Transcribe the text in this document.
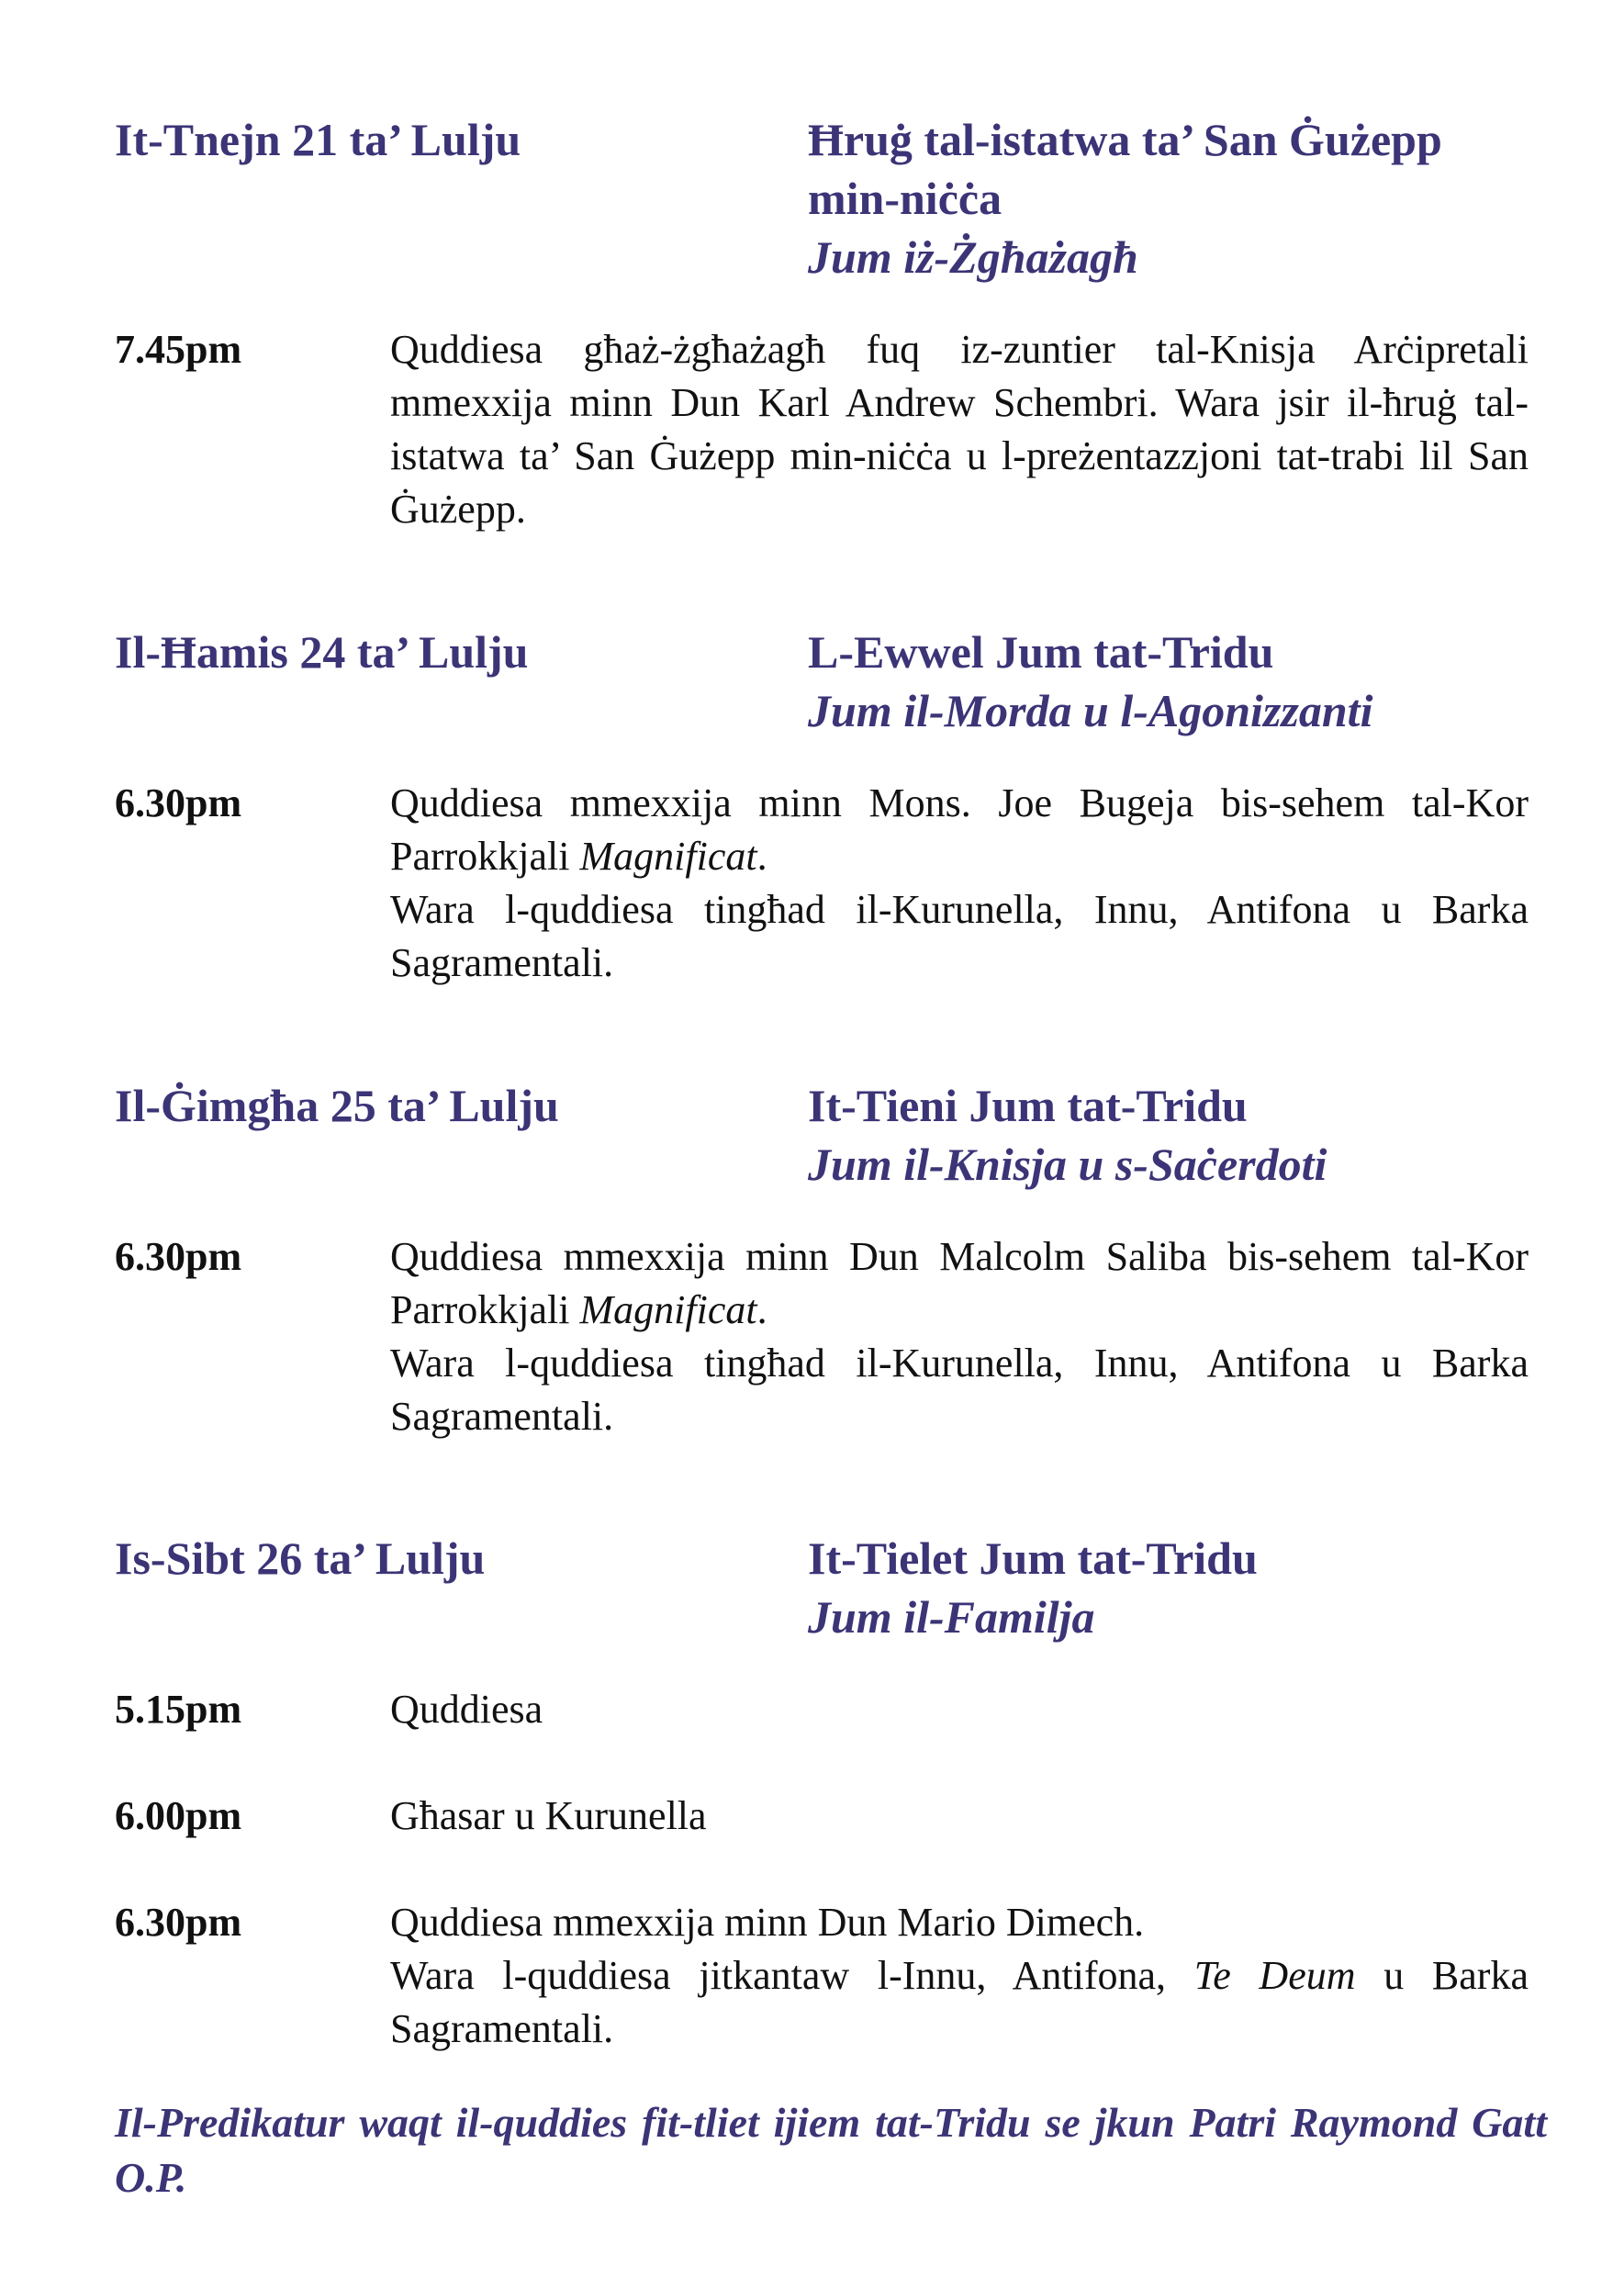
It-Tnejn 21 ta’ Lulju	Ħruġ tal-istatwa ta’ San Ġużepp min-niċċa
Jum iż-Żgħażagħ
7.45pm	Quddiesa għaż-żgħażagħ fuq iz-zuntier tal-Knisja Arċipretali mmexxija minn Dun Karl Andrew Schembri. Wara jsir il-ħruġ tal-istatwa ta’ San Ġużepp min-niċċa u l-preżentazzjoni tat-trabi lil San Ġużepp.

Il-Ħamis 24 ta’ Lulju	L-Ewwel Jum tat-Tridu
Jum il-Morda u l-Agonizzanti
6.30pm	Quddiesa mmexxija minn Mons. Joe Bugeja bis-sehem tal-Kor Parrokkjali Magnificat.

Wara l-quddiesa tingħad il-Kurunella, Innu, Antifona u Barka Sagramentali.

Il-Ġimgħa 25 ta’ Lulju	It-Tieni Jum tat-Tridu
Jum il-Knisja u s-Saċerdoti
6.30pm	Quddiesa mmexxija minn Dun Malcolm Saliba bis-sehem tal-Kor Parrokkjali Magnificat.

Wara l-quddiesa tingħad il-Kurunella, Innu, Antifona u Barka Sagramentali.

Is-Sibt 26 ta’ Lulju	It-Tielet Jum tat-Tridu
Jum il-Familja
5.15pm	Quddiesa

6.00pm	Għasar u Kurunella

6.30pm	Quddiesa mmexxija minn Dun Mario Dimech.

Wara l-quddiesa jitkantaw l-Innu, Antifona, Te Deum u Barka Sagramentali.

Il-Predikatur waqt il-quddies fit-tliet ijiem tat-Tridu se jkun Patri Raymond Gatt O.P.
